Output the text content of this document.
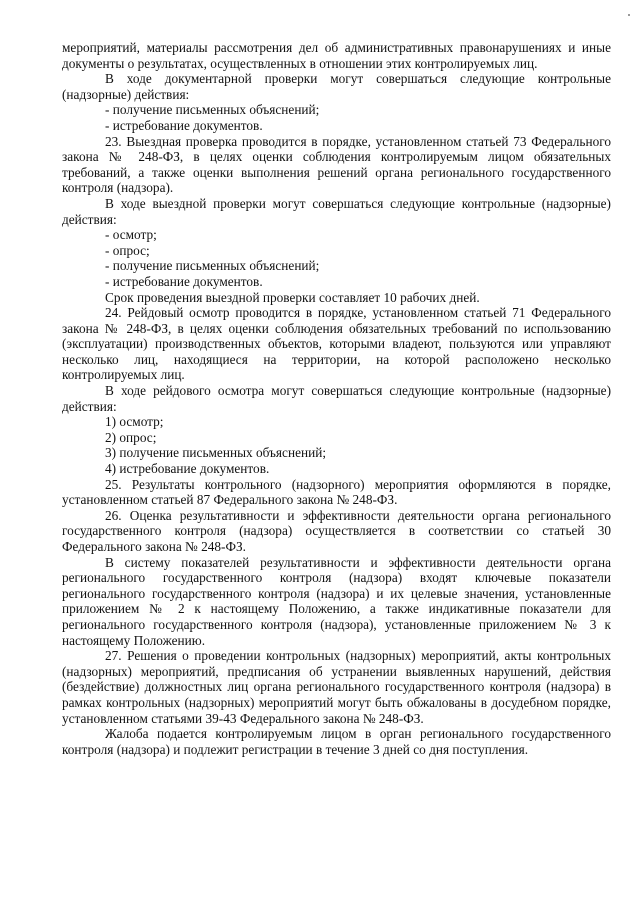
мероприятий, материалы рассмотрения дел об административных правонарушениях и иные документы о результатах, осуществленных в отношении этих контролируемых лиц.

В ходе документарной проверки могут совершаться следующие контрольные (надзорные) действия:

- получение письменных объяснений;

- истребование документов.

23. Выездная проверка проводится в порядке, установленном статьей 73 Федерального закона № 248-ФЗ, в целях оценки соблюдения контролируемым лицом обязательных требований, а также оценки выполнения решений органа регионального государственного контроля (надзора).

В ходе выездной проверки могут совершаться следующие контрольные (надзорные) действия:

- осмотр;

- опрос;

- получение письменных объяснений;

- истребование документов.

Срок проведения выездной проверки составляет 10 рабочих дней.

24. Рейдовый осмотр проводится в порядке, установленном статьей 71 Федерального закона № 248-ФЗ, в целях оценки соблюдения обязательных требований по использованию (эксплуатации) производственных объектов, которыми владеют, пользуются или управляют несколько лиц, находящиеся на территории, на которой расположено несколько контролируемых лиц.

В ходе рейдового осмотра могут совершаться следующие контрольные (надзорные) действия:

1) осмотр;

2) опрос;

3) получение письменных объяснений;

4) истребование документов.

25. Результаты контрольного (надзорного) мероприятия оформляются в порядке, установленном статьей 87 Федерального закона № 248-ФЗ.

26. Оценка результативности и эффективности деятельности органа регионального государственного контроля (надзора) осуществляется в соответствии со статьей 30 Федерального закона № 248-ФЗ.

В систему показателей результативности и эффективности деятельности органа регионального государственного контроля (надзора) входят ключевые показатели регионального государственного контроля (надзора) и их целевые значения, установленные приложением № 2 к настоящему Положению, а также индикативные показатели для регионального государственного контроля (надзора), установленные приложением № 3 к настоящему Положению.

27. Решения о проведении контрольных (надзорных) мероприятий, акты контрольных (надзорных) мероприятий, предписания об устранении выявленных нарушений, действия (бездействие) должностных лиц органа регионального государственного контроля (надзора) в рамках контрольных (надзорных) мероприятий могут быть обжалованы в досудебном порядке, установленном статьями 39-43 Федерального закона № 248-ФЗ.

Жалоба подается контролируемым лицом в орган регионального государственного контроля (надзора) и подлежит регистрации в течение 3 дней со дня поступления.
